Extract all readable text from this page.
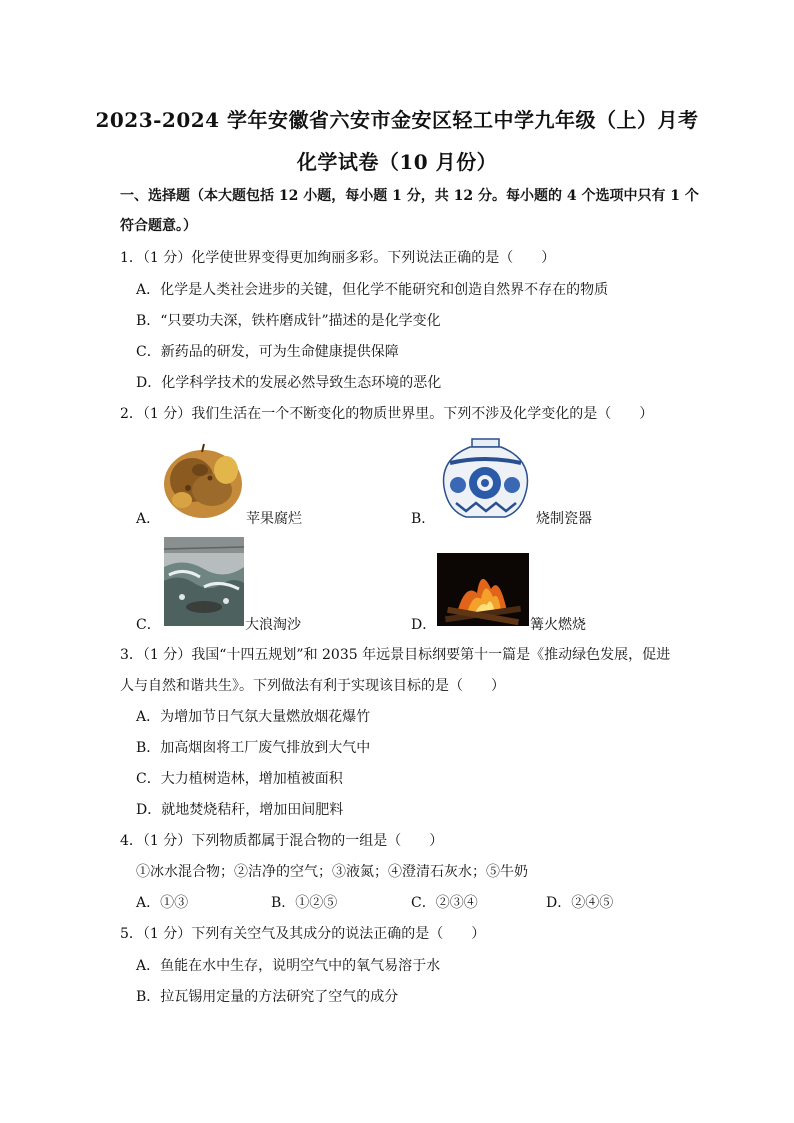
2023-2024 学年安徽省六安市金安区轻工中学九年级（上）月考
化学试卷（10 月份）
一、选择题（本大题包括 12 小题，每小题 1 分，共 12 分。每小题的 4 个选项中只有 1 个
符合题意。）
1．（1 分）化学使世界变得更加绚丽多彩。下列说法正确的是（　　）
A．化学是人类社会进步的关键，但化学不能研究和创造自然界不存在的物质
B．“只要功夫深，铁杵磨成针”描述的是化学变化
C．新药品的研发，可为生命健康提供保障
D．化学科学技术的发展必然导致生态环境的恶化
2．（1 分）我们生活在一个不断变化的物质世界里。下列不涉及化学变化的是（　　）
A．	苹果腐烂	B．	烧制瓷器
C．	大浪淘沙	D．	篝火燃烧
3．（1 分）我国“十四五规划”和 2035 年远景目标纲要第十一篇是《推动绿色发展，促进
人与自然和谐共生》。下列做法有利于实现该目标的是（　　）
A．为增加节日气氛大量燃放烟花爆竹
B．加高烟囱将工厂废气排放到大气中
C．大力植树造林，增加植被面积
D．就地焚烧秸秆，增加田间肥料
4．（1 分）下列物质都属于混合物的一组是（　　）
①冰水混合物；②洁净的空气；③液氮；④澄清石灰水；⑤牛奶
A．①③	B．①②⑤	C．②③④	D．②④⑤
5．（1 分）下列有关空气及其成分的说法正确的是（　　）
A．鱼能在水中生存，说明空气中的氧气易溶于水
B．拉瓦锡用定量的方法研究了空气的成分
